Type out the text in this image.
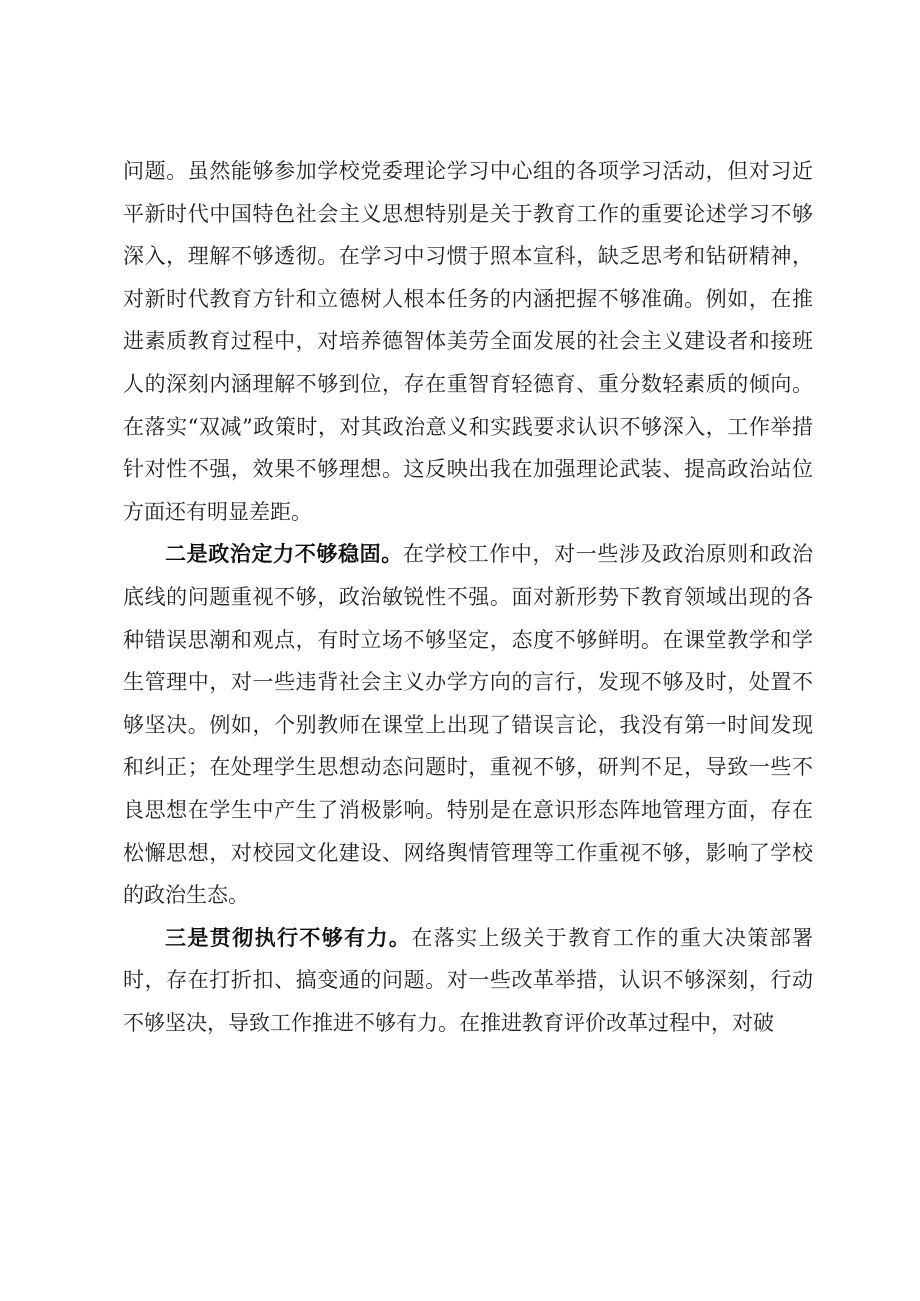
问题。虽然能够参加学校党委理论学习中心组的各项学习活动，但对习近平新时代中国特色社会主义思想特别是关于教育工作的重要论述学习不够深入，理解不够透彻。在学习中习惯于照本宣科，缺乏思考和钻研精神，对新时代教育方针和立德树人根本任务的内涵把握不够准确。例如，在推进素质教育过程中，对培养德智体美劳全面发展的社会主义建设者和接班人的深刻内涵理解不够到位，存在重智育轻德育、重分数轻素质的倾向。在落实“双减”政策时，对其政治意义和实践要求认识不够深入，工作举措针对性不强，效果不够理想。这反映出我在加强理论武装、提高政治站位方面还有明显差距。

二是政治定力不够稳固。在学校工作中，对一些涉及政治原则和政治底线的问题重视不够，政治敏锐性不强。面对新形势下教育领域出现的各种错误思潮和观点，有时立场不够坚定，态度不够鲜明。在课堂教学和学生管理中，对一些违背社会主义办学方向的言行，发现不够及时，处置不够坚决。例如，个别教师在课堂上出现了错误言论，我没有第一时间发现和纠正；在处理学生思想动态问题时，重视不够，研判不足，导致一些不良思想在学生中产生了消极影响。特别是在意识形态阵地管理方面，存在松懈思想，对校园文化建设、网络舆情管理等工作重视不够，影响了学校的政治生态。

三是贯彻执行不够有力。在落实上级关于教育工作的重大决策部署时，存在打折扣、搞变通的问题。对一些改革举措，认识不够深刻，行动不够坚决，导致工作推进不够有力。在推进教育评价改革过程中，对破
